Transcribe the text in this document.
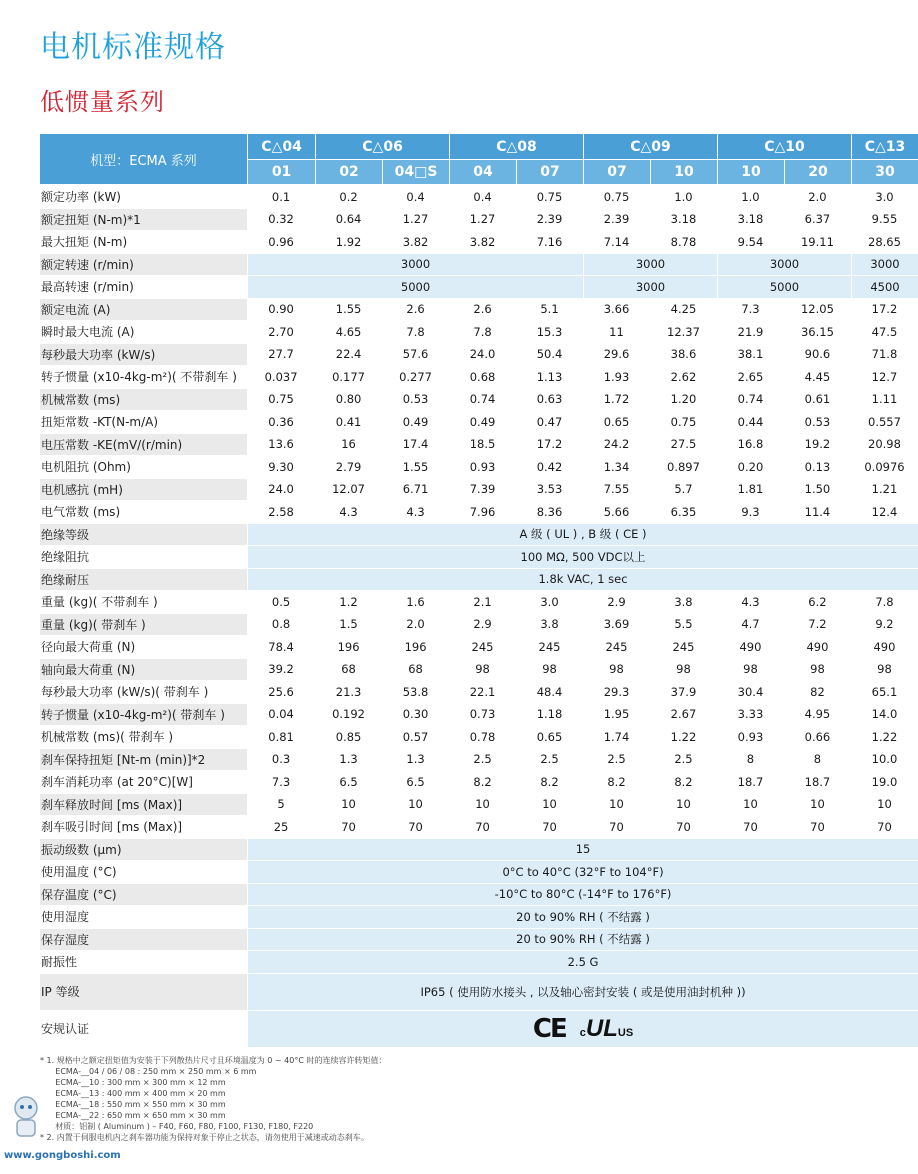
电机标准规格
低惯量系列
机型：ECMA 系列	C△04	C△06		C△08		C△09		C△10		C△13
	01	02	04□S	04	07	07	10	10	20	30
额定功率 (kW)	0.1	0.2	0.4	0.4	0.75	0.75	1.0	1.0	2.0	3.0
额定扭矩 (N-m)*1	0.32	0.64	1.27	1.27	2.39	2.39	3.18	3.18	6.37	9.55
最大扭矩 (N-m)	0.96	1.92	3.82	3.82	7.16	7.14	8.78	9.54	19.11	28.65
额定转速 (r/min)	3000					3000		3000		3000
最高转速 (r/min)	5000					3000		5000		4500
额定电流 (A)	0.90	1.55	2.6	2.6	5.1	3.66	4.25	7.3	12.05	17.2
瞬时最大电流 (A)	2.70	4.65	7.8	7.8	15.3	11	12.37	21.9	36.15	47.5
每秒最大功率 (kW/s)	27.7	22.4	57.6	24.0	50.4	29.6	38.6	38.1	90.6	71.8
转子惯量 (x10-4kg-m²)( 不带刹车 )	0.037	0.177	0.277	0.68	1.13	1.93	2.62	2.65	4.45	12.7
机械常数 (ms)	0.75	0.80	0.53	0.74	0.63	1.72	1.20	0.74	0.61	1.11
扭矩常数 -KT(N-m/A)	0.36	0.41	0.49	0.49	0.47	0.65	0.75	0.44	0.53	0.557
电压常数 -KE(mV/(r/min)	13.6	16	17.4	18.5	17.2	24.2	27.5	16.8	19.2	20.98
电机阻抗 (Ohm)	9.30	2.79	1.55	0.93	0.42	1.34	0.897	0.20	0.13	0.0976
电机感抗 (mH)	24.0	12.07	6.71	7.39	3.53	7.55	5.7	1.81	1.50	1.21
电气常数 (ms)	2.58	4.3	4.3	7.96	8.36	5.66	6.35	9.3	11.4	12.4
绝缘等级	A 级 ( UL ) , B 级 ( CE )									
绝缘阻抗	100 MΩ, 500 VDC以上									
绝缘耐压	1.8k VAC, 1 sec									
重量 (kg)( 不带刹车 )	0.5	1.2	1.6	2.1	3.0	2.9	3.8	4.3	6.2	7.8
重量 (kg)( 带刹车 )	0.8	1.5	2.0	2.9	3.8	3.69	5.5	4.7	7.2	9.2
径向最大荷重 (N)	78.4	196	196	245	245	245	245	490	490	490
轴向最大荷重 (N)	39.2	68	68	98	98	98	98	98	98	98
每秒最大功率 (kW/s)( 带刹车 )	25.6	21.3	53.8	22.1	48.4	29.3	37.9	30.4	82	65.1
转子惯量 (x10-4kg-m²)( 带刹车 )	0.04	0.192	0.30	0.73	1.18	1.95	2.67	3.33	4.95	14.0
机械常数 (ms)( 带刹车 )	0.81	0.85	0.57	0.78	0.65	1.74	1.22	0.93	0.66	1.22
刹车保持扭矩 [Nt-m (min)]*2	0.3	1.3	1.3	2.5	2.5	2.5	2.5	8	8	10.0
刹车消耗功率 (at 20°C)[W]	7.3	6.5	6.5	8.2	8.2	8.2	8.2	18.7	18.7	19.0
刹车释放时间 [ms (Max)]	5	10	10	10	10	10	10	10	10	10
刹车吸引时间 [ms (Max)]	25	70	70	70	70	70	70	70	70	70
振动级数 (μm)	15									
使用温度 (°C)	0°C to 40°C (32°F to 104°F)									
保存温度 (°C)	-10°C to 80°C (-14°F to 176°F)									
使用湿度	20 to 90% RH ( 不结露 )									
保存湿度	20 to 90% RH ( 不结露 )									
耐振性	2.5 G									
IP 等级	IP65 ( 使用防水接头 , 以及轴心密封安装 ( 或是使用油封机种 ))									
安规认证	CE cULUS									
* 1. 规格中之额定扭矩值为安装于下列散热片尺寸且环境温度为 0 ~ 40°C 时的连续容许转矩值：
ECMA-__04 / 06 / 08 : 250 mm × 250 mm × 6 mm
ECMA-__10 : 300 mm × 300 mm × 12 mm
ECMA-__13 : 400 mm × 400 mm × 20 mm
ECMA-__18 : 550 mm × 550 mm × 30 mm
ECMA-__22 : 650 mm × 650 mm × 30 mm
材质：铝制 ( Aluminum ) – F40, F60, F80, F100, F130, F180, F220
* 2. 内置于伺服电机内之刹车器功能为保持对象于停止之状态，请勿使用于减速或动态刹车。
www.gongboshi.com
